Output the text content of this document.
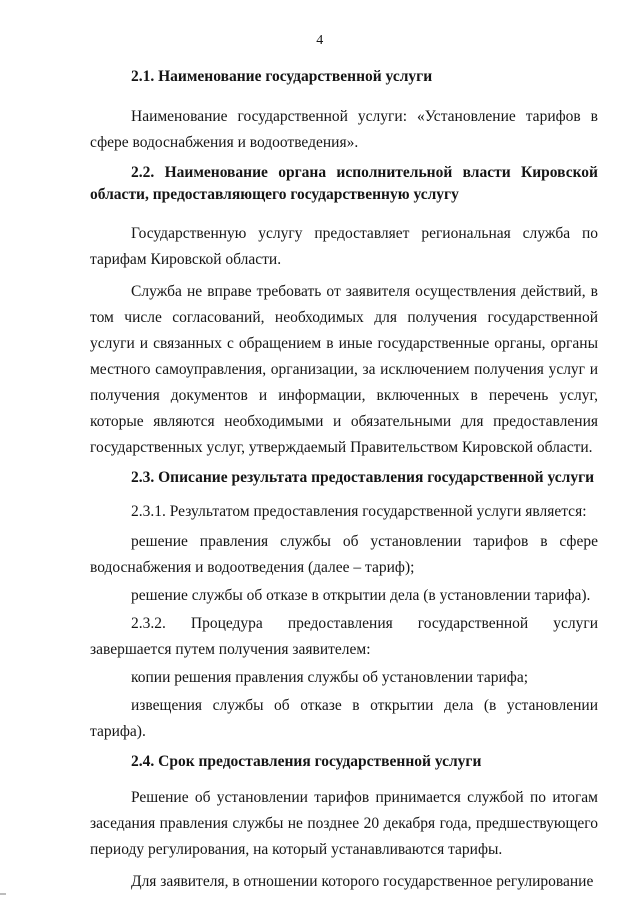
4
2.1. Наименование государственной услуги

Наименование государственной услуги: «Установление тарифов в сфере водоснабжения и водоотведения».

2.2. Наименование органа исполнительной власти Кировской области, предоставляющего государственную услугу

Государственную услугу предоставляет региональная служба по тарифам Кировской области.

Служба не вправе требовать от заявителя осуществления действий, в том числе согласований, необходимых для получения государственной услуги и связанных с обращением в иные государственные органы, органы местного самоуправления, организации, за исключением получения услуг и получения документов и информации, включенных в перечень услуг, которые являются необходимыми и обязательными для предоставления государственных услуг, утверждаемый Правительством Кировской области.

2.3. Описание результата предоставления государственной услуги

2.3.1. Результатом предоставления государственной услуги является:

решение правления службы об установлении тарифов в сфере водоснабжения и водоотведения (далее – тариф);

решение службы об отказе в открытии дела (в установлении тарифа).

2.3.2. Процедура предоставления государственной услуги завершается путем получения заявителем:

копии решения правления службы об установлении тарифа;

извещения службы об отказе в открытии дела (в установлении тарифа).

2.4. Срок предоставления государственной услуги

Решение об установлении тарифов принимается службой по итогам заседания правления службы не позднее 20 декабря года, предшествующего периоду регулирования, на который устанавливаются тарифы.

Для заявителя, в отношении которого государственное регулирование
